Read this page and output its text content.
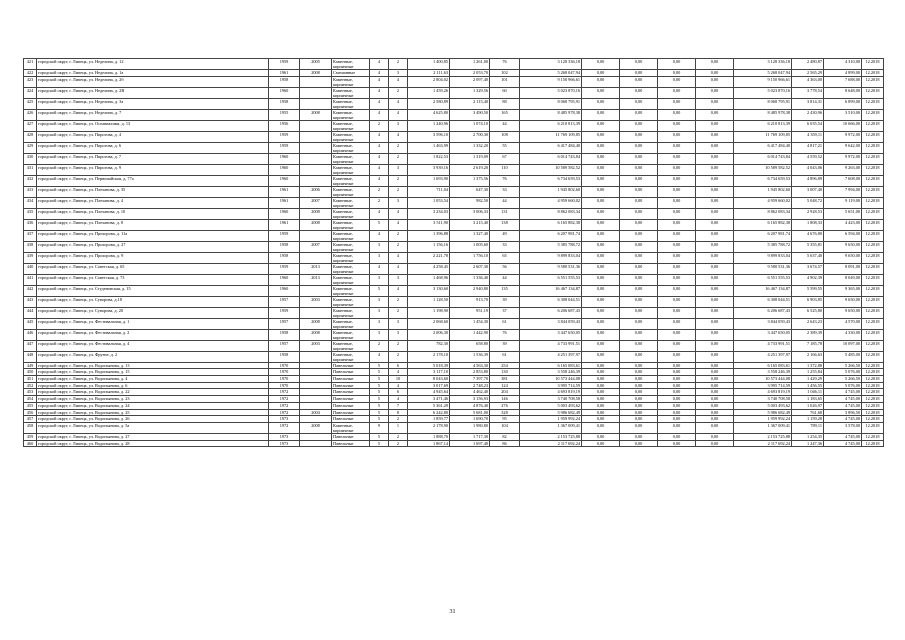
421	городской округ, г. Липецк, ул. Неделина, д. 12	1959	2005	Каменные, кирпичные	4	2	1 400,85	1 261,00	76	3 128 336,18	0,00	0,00	0,00	0,00	3 128 336,18	2 480,87	4 310,00	12.2018
422	городской округ, г. Липецк, ул. Неделина, д. 1а	1961	2008	Смешанные	4	3	2 111,63	2 053,70	102	5 268 047,94	0,00	0,00	0,00	0,00	5 268 047,94	2 565,29	4 899,00	12.2018
423	городской округ, г. Липецк, ул. Неделина, д. 2б	1958		Каменные, кирпичные	4	4	2 804,02	2 097,40	101	9 150 966,61	0,00	0,00	0,00	0,00	9 150 966,61	4 363,00	7 688,00	12.2018
424	городской округ, г. Липецк, ул. Неделина, д. 2В	1960		Каменные, кирпичные	4	2	1 459,26	1 329,56	60	5 023 870,16	0,00	0,00	0,00	0,00	5 023 870,16	3 778,54	8 648,00	12.2018
425	городской округ, г. Липецк, ул. Неделина, д. 3а	1958		Каменные, кирпичные	4	4	2 580,89	2 115,40	88	8 068 795,91	0,00	0,00	0,00	0,00	8 068 795,91	3 814,31	6 899,00	12.2018
426	городской округ, г. Липецк, ул. Неделина, д. 7	1955	2008	Каменные, кирпичные	4	4	4 625,80	3 490,50	165	8 485 978,38	0,00	0,00	0,00	0,00	8 485 978,38	2 430,96	3 510,00	12.2018
427	городской округ, г. Липецк, ул. Осоавиахима, д. 13	1956		Каменные, кирпичные	2	3	1 240,96	1 074,10	44	6 210 813,39	0,00	0,00	0,00	0,00	6 210 813,39	6 035,54	10 666,00	12.2018
428	городской округ, г. Липецк, ул. Пирогова, д. 4	1959		Каменные, кирпичные	4	4	3 596,10	2 700,30	108	11 769 109,85	0,00	0,00	0,00	0,00	11 769 109,85	4 359,11	9 972,00	12.2018
429	городской округ, г. Липецк, ул. Пирогова, д. 6	1959		Каменные, кирпичные	4	2	1 463,99	1 332,20	55	6 417 484,40	0,00	0,00	0,00	0,00	6 417 484,40	4 817,21	9 642,00	12.2018
430	городской округ, г. Липецк, ул. Пирогова, д. 7	1960		Каменные, кирпичные	4	2	1 822,53	1 319,09	67	6 014 743,84	0,00	0,00	0,00	0,00	6 014 743,84	4 559,52	9 972,00	12.2018
431	городской округ, г. Липецк, ул. Пирогова, д. 9	1960		Каменные, кирпичные	4	3	3 939,16	2 619,20	110	10 589 582,52	0,00	0,00	0,00	0,00	10 589 582,52	4 043,06	9 263,00	12.2018
432	городской округ, г. Липецк, ул. Первомайская, д. 77а	1960		Каменные, кирпичные	4	2	1 693,90	1 375,56	76	6 734 659,53	0,00	0,00	0,00	0,00	6 734 659,53	4 896,89	7 608,00	12.2018
433	городской округ, г. Липецк, ул. Плеханова, д. 35	1961	2006	Каменные, кирпичные	2	2	711,04	647,30	33	1 945 802,60	0,00	0,00	0,00	0,00	1 945 802,60	3 007,40	7 994,00	12.2018
434	городской округ, г. Липецк, ул. Плеханова, д. 4	1961	2007	Каменные, кирпичные	2	3	1 053,54	982,50	44	4 959 660,02	0,00	0,00	0,00	0,00	4 959 660,02	5 048,72	9 119,00	12.2018
435	городской округ, г. Липецк, ул. Плеханова, д. 10	1960	2008	Каменные, кирпичные	4	4	3 234,03	3 006,33	131	8 862 083,34	0,00	0,00	0,00	0,00	8 862 083,34	2 928,53	5 651,00	12.2018
436	городской округ, г. Липецк, ул. Плеханова, д. 8	1961	2008	Каменные, кирпичные	5	4	3 511,90	3 215,40	138	6 165 882,38	0,00	0,00	0,00	0,00	6 165 882,38	1 808,33	4 423,00	12.2018
437	городской округ, г. Липецк, ул. Прохорова, д. 11а	1959		Каменные, кирпичные	4	2	1 396,88	1 327,40	49	6 207 981,74	0,00	0,00	0,00	0,00	6 207 981,74	4 676,80	6 594,00	12.2018
438	городской округ, г. Липецк, ул. Прохорова, д. 27	1958	2007	Каменные, кирпичные	3	2	1 156,16	1 005,60	33	5 385 788,72	0,00	0,00	0,00	0,00	5 385 788,72	5 355,81	9 650,00	12.2018
439	городской округ, г. Липецк, ул. Прохорова, д. 9	1958		Каменные, кирпичные	3	4	2 221,78	1 756,10	65	9 899 833,04	0,00	0,00	0,00	0,00	9 899 833,04	5 637,40	9 650,00	12.2018
440	городской округ, г. Липецк, ул. Советская, д. 65	1959	2013	Каменные, кирпичные	4	4	4 258,45	2 607,30	56	9 580 531,36	0,00	0,00	0,00	0,00	9 580 531,36	3 674,57	8 091,00	12.2018
441	городской округ, г. Липецк, ул. Советская, д. 73	1960	2013	Каменные, кирпичные	3	3	1 468,96	1 336,40	44	6 551 555,53	0,00	0,00	0,00	0,00	6 551 555,53	4 902,39	8 049,00	12.2018
442	городской округ, г. Липецк, ул. Студеновская, д. 15	1960		Каменные, кирпичные	5	4	3 130,60	2 940,80	135	16 467 134,87	0,00	0,00	0,00	0,00	16 467 134,87	5 599,55	9 365,00	12.2018
443	городской округ, г. Липецк, ул. Суворова, д.18	1957	2003	Каменные, кирпичные	3	2	1 128,50	913,70	39	6 308 044,51	0,00	0,00	0,00	0,00	6 308 044,51	6 903,85	9 650,00	12.2018
444	городской округ, г. Липецк, ул. Суворова, д. 20	1959		Каменные, кирпичные	3	2	1 198,90	951,19	37	6 206 687,43	0,00	0,00	0,00	0,00	6 206 687,43	6 525,80	9 650,00	12.2018
445	городской округ, г. Липецк, ул. Фестивальная, д. 1	1957	2008	Каменные, кирпичные	3	3	2 068,60	1 454,30	61	3 844 059,43	0,00	0,00	0,00	0,00	3 844 059,43	2 643,23	4 570,00	12.2018
446	городской округ, г. Липецк, ул. Фестивальная, д. 2	1958	2008	Каменные, кирпичные	3	3	2 006,30	1 442,90	76	3 447 650,05	0,00	0,00	0,00	0,00	3 447 650,05	2 389,39	4 330,00	12.2018
447	городской округ, г. Липецк, ул. Фестивальная, д. 4	1957	2003	Каменные, кирпичные	2	2	782,30	658,80	39	4 733 991,51	0,00	0,00	0,00	0,00	4 733 991,51	7 185,78	10 097,00	12.2018
448	городской округ, г. Липецк, ул. Фрунзе, д. 2	1958		Каменные, кирпичные	4	2	2 178,10	1 536,39	61	4 251 397,97	0,00	0,00	0,00	0,00	4 251 397,97	2 166,63	5 485,00	12.2018
449	городской округ, г. Липецк, ул. Водопьянова, д. 13	1970		Панельные	5	6	5 018,39	4 563,30	254	6 165 083,61	0,00	0,00	0,00	0,00	6 165 083,61	1 372,88	5 266,50	12.2018
450	городской округ, г. Липецк, ул. Водопьянова, д. 15	1970		Панельные	5	4	3 117,10	2 853,80	130	3 558 246,39	0,00	0,00	0,00	0,00	3 558 246,39	1 255,84	5 076,00	12.2018
451	городской округ, г. Липецк, ул. Водопьянова, д. 4	1970		Панельные	5	10	8 043,60	7 397,70	381	10 573 444,08	0,00	0,00	0,00	0,00	10 573 444,08	1 429,29	5 266,50	12.2018
452	городской округ, г. Липецк, ул. Водопьянова, д. 6	1970		Панельные	5	4	3 017,69	2 748,23	124	3 995 714,59	0,00	0,00	0,00	0,00	3 995 714,59	1 456,55	5 076,00	12.2018
453	городской округ, г. Липецк, ул. Водопьянова, д. 22	1972		Панельные	5	6	4 945,64	4 462,40	204	4 693 819,19	0,00	0,00	0,00	0,00	4 693 819,19	1 046,11	4 745,00	12.2018
454	городской округ, г. Липецк, ул. Водопьянова, д. 23	1972		Панельные	5	4	3 471,46	3 156,93	146	3 740 708,58	0,00	0,00	0,00	0,00	3 740 708,58	1 183,65	4 745,00	12.2018
455	городской округ, г. Липецк, ул. Водопьянова, д. 24	1972		Панельные	5	7	5 361,29	4 876,40	276	5 003 493,62	0,00	0,00	0,00	0,00	5 003 493,62	1 026,97	4 745,00	12.2018
456	городской округ, г. Липецк, ул. Водопьянова, д. 25	1972	2004	Панельные	5	8	6 242,80	5 681,00	328	5 986 682,49	0,00	0,00	0,00	0,00	5 986 682,49	761,68	3 896,50	12.2018
457	городской округ, г. Липецк, ул. Водопьянова, д. 26	1973		Панельные	5	2	1 859,77	1 690,70	95	1 959 992,24	0,00	0,00	0,00	0,00	1 959 992,24	1 159,28	4 745,00	12.2018
458	городской округ, г. Липецк, ул. Водопьянова, д. 5а	1972	2008	Каменные, кирпичные	9	1	2 178,90	1 980,80	104	1 367 009,41	0,00	0,00	0,00	0,00	1 367 009,41	789,11	3 578,00	12.2018
459	городской округ, г. Липецк, ул. Водопьянова, д. 27	1973		Панельные	5	2	1 888,70	1 717,30	82	2 153 725,88	0,00	0,00	0,00	0,00	2 153 725,88	1 254,35	4 745,00	12.2018
460	городской округ, г. Липецк, ул. Водопьянова, д. 28	1973		Панельные	5	2	1 867,14	1 697,40	86	2 117 692,24	0,00	0,00	0,00	0,00	2 117 692,24	1 247,36	4 745,00	12.2018
31
